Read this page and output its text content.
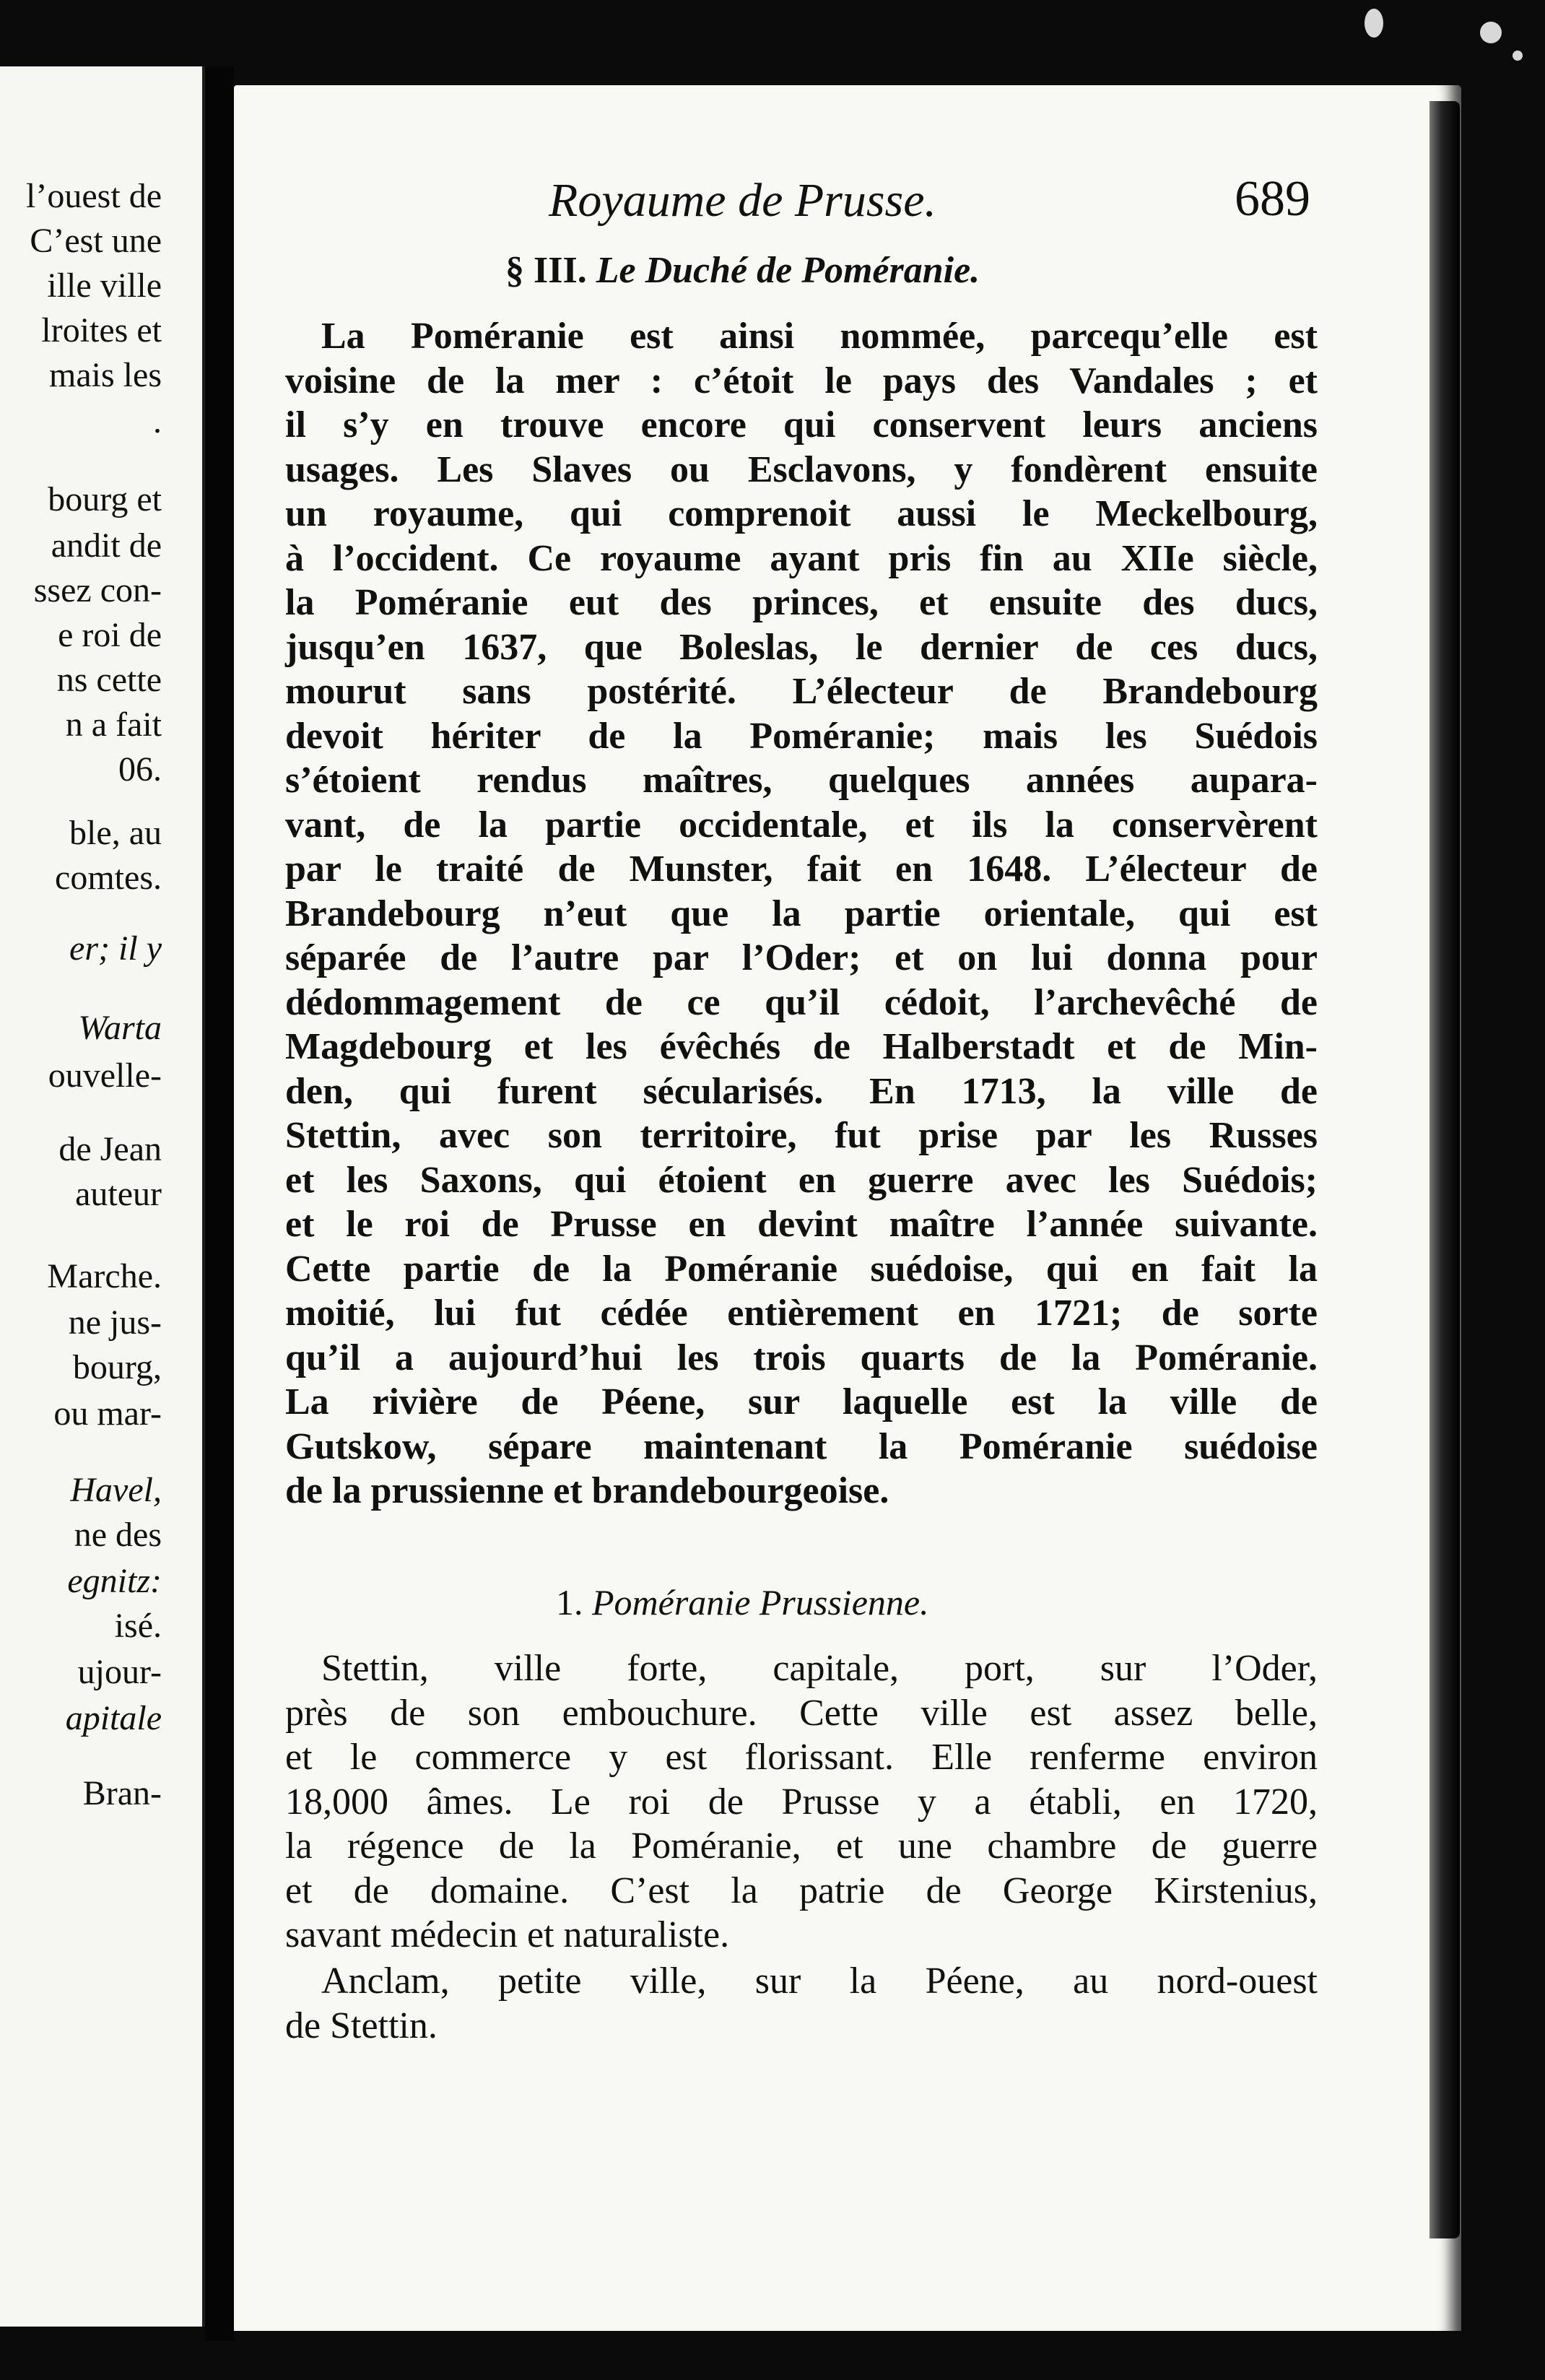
l’ouest de
C’est une
ille ville
lroites et
mais les
.
bourg et
andit de
ssez con-
e roi de
ns cette
n a fait
06.
ble, au
comtes.
er; il y
Warta
ouvelle-
de Jean
auteur
Marche.
ne jus-
bourg,
ou mar-
Havel,
ne des
egnitz:
isé.
ujour-
apitale
Bran-
Royaume de Prusse.	689
§ III. Le Duché de Poméranie.
La Poméranie est ainsi nommée, parcequ’elle est
voisine de la mer : c’étoit le pays des Vandales ; et
il s’y en trouve encore qui conservent leurs anciens
usages. Les Slaves ou Esclavons, y fondèrent ensuite
un royaume, qui comprenoit aussi le Meckelbourg,
à l’occident. Ce royaume ayant pris fin au XIIe siècle,
la Poméranie eut des princes, et ensuite des ducs,
jusqu’en 1637, que Boleslas, le dernier de ces ducs,
mourut sans postérité. L’électeur de Brandebourg
devoit hériter de la Poméranie; mais les Suédois
s’étoient rendus maîtres, quelques années aupara-
vant, de la partie occidentale, et ils la conservèrent
par le traité de Munster, fait en 1648. L’électeur de
Brandebourg n’eut que la partie orientale, qui est
séparée de l’autre par l’Oder; et on lui donna pour
dédommagement de ce qu’il cédoit, l’archevêché de
Magdebourg et les évêchés de Halberstadt et de Min-
den, qui furent sécularisés. En 1713, la ville de
Stettin, avec son territoire, fut prise par les Russes
et les Saxons, qui étoient en guerre avec les Suédois;
et le roi de Prusse en devint maître l’année suivante.
Cette partie de la Poméranie suédoise, qui en fait la
moitié, lui fut cédée entièrement en 1721; de sorte
qu’il a aujourd’hui les trois quarts de la Poméranie.
La rivière de Péene, sur laquelle est la ville de
Gutskow, sépare maintenant la Poméranie suédoise
de la prussienne et brandebourgeoise.
1. Poméranie Prussienne.
Stettin, ville forte, capitale, port, sur l’Oder,
près de son embouchure. Cette ville est assez belle,
et le commerce y est florissant. Elle renferme environ
18,000 âmes. Le roi de Prusse y a établi, en 1720,
la régence de la Poméranie, et une chambre de guerre
et de domaine. C’est la patrie de George Kirstenius,
savant médecin et naturaliste.
Anclam, petite ville, sur la Péene, au nord-ouest
de Stettin.
